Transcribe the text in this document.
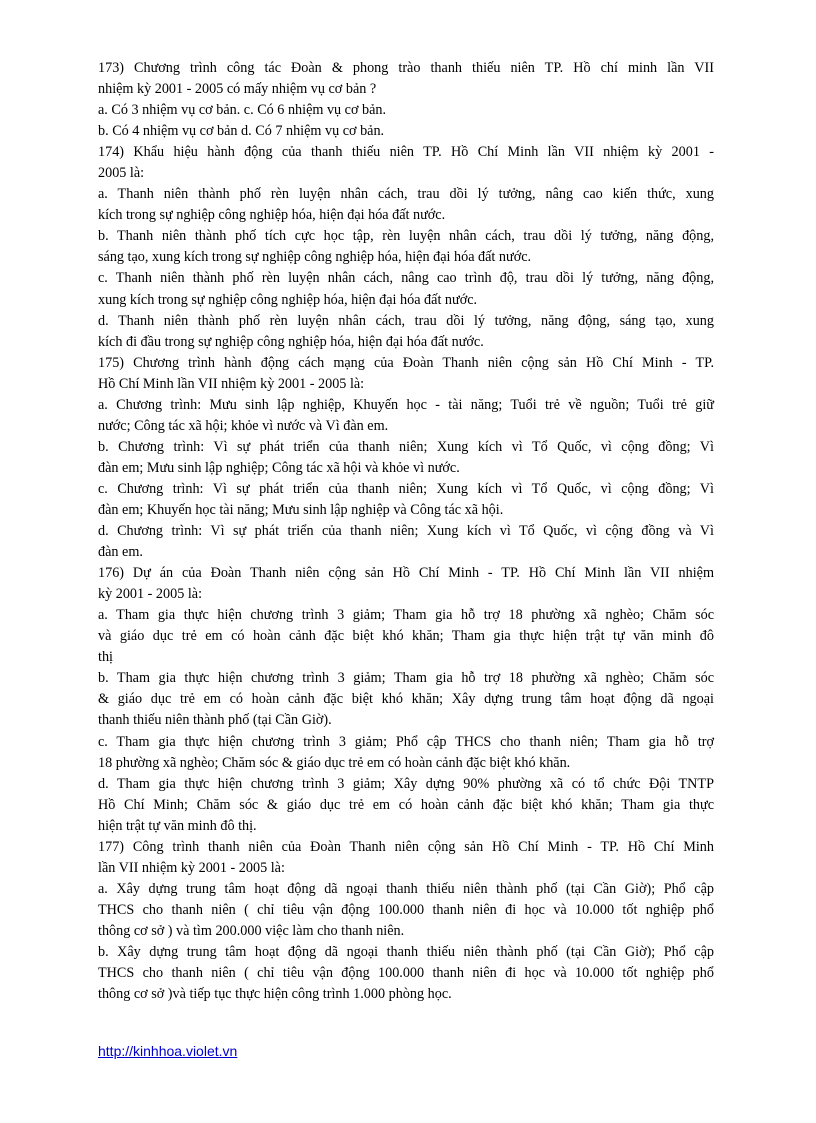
173) Chương trình công tác Đoàn & phong trào thanh thiếu niên TP. Hồ chí minh lần VII
nhiệm kỳ 2001 - 2005 có mấy nhiệm vụ cơ bản ?
a. Có 3 nhiệm vụ cơ bản. c. Có 6 nhiệm vụ cơ bản.
b. Có 4 nhiệm vụ cơ bản d. Có 7 nhiệm vụ cơ bản.
174) Khẩu hiệu hành động của thanh thiếu niên TP. Hồ Chí Minh lần VII nhiệm kỳ 2001 -
2005 là:
a. Thanh niên thành phố rèn luyện nhân cách, trau dồi lý tưởng, nâng cao kiến thức, xung
kích trong sự nghiệp công nghiệp hóa, hiện đại hóa đất nước.
b. Thanh niên thành phố tích cực học tập, rèn luyện nhân cách, trau dồi lý tưởng, năng động,
sáng tạo, xung kích trong sự nghiệp công nghiệp hóa, hiện đại hóa đất nước.
c. Thanh niên thành phố rèn luyện nhân cách, nâng cao trình độ, trau dồi lý tưởng, năng động,
xung kích trong sự nghiệp công nghiệp hóa, hiện đại hóa đất nước.
d. Thanh niên thành phố rèn luyện nhân cách, trau dồi lý tưởng, năng động, sáng tạo, xung
kích đi đầu trong sự nghiệp công nghiệp hóa, hiện đại hóa đất nước.
175) Chương trình hành động cách mạng của Đoàn Thanh niên cộng sản Hồ Chí Minh - TP.
Hồ Chí Minh lần VII nhiệm kỳ 2001 - 2005 là:
a. Chương trình: Mưu sinh lập nghiệp, Khuyến học - tài năng; Tuổi trẻ về nguồn; Tuổi trẻ giữ
nước; Công tác xã hội; khỏe vì nước và Vì đàn em.
b. Chương trình: Vì sự phát triển của thanh niên; Xung kích vì Tổ Quốc, vì cộng đồng; Vì
đàn em; Mưu sinh lập nghiệp; Công tác xã hội và khỏe vì nước.
c. Chương trình: Vì sự phát triển của thanh niên; Xung kích vì Tổ Quốc, vì cộng đồng; Vì
đàn em; Khuyến học tài năng; Mưu sinh lập nghiệp và Công tác xã hội.
d. Chương trình: Vì sự phát triển của thanh niên; Xung kích vì Tổ Quốc, vì cộng đồng và Vì
đàn em.
176) Dự án của Đoàn Thanh niên cộng sản Hồ Chí Minh - TP. Hồ Chí Minh lần VII nhiệm
kỳ 2001 - 2005 là:
a. Tham gia thực hiện chương trình 3 giảm; Tham gia hỗ trợ 18 phường xã nghèo; Chăm sóc
và giáo dục trẻ em có hoàn cảnh đặc biệt khó khăn; Tham gia thực hiện trật tự văn minh đô
thị
b. Tham gia thực hiện chương trình 3 giảm; Tham gia hỗ trợ 18 phường xã nghèo; Chăm sóc
& giáo dục trẻ em có hoàn cảnh đặc biệt khó khăn; Xây dựng trung tâm hoạt động dã ngoại
thanh thiếu niên thành phố (tại Cần Giờ).
c. Tham gia thực hiện chương trình 3 giảm; Phổ cập THCS cho thanh niên; Tham gia hỗ trợ
18 phường xã nghèo; Chăm sóc & giáo dục trẻ em có hoàn cảnh đặc biệt khó khăn.
d. Tham gia thực hiện chương trình 3 giảm; Xây dựng 90% phường xã có tổ chức Đội TNTP
Hồ Chí Minh; Chăm sóc & giáo dục trẻ em có hoàn cảnh đặc biệt khó khăn; Tham gia thực
hiện trật tự văn minh đô thị.
177) Công trình thanh niên của Đoàn Thanh niên cộng sản Hồ Chí Minh - TP. Hồ Chí Minh
lần VII nhiệm kỳ 2001 - 2005 là:
a. Xây dựng trung tâm hoạt động dã ngoại thanh thiếu niên thành phố (tại Cần Giờ); Phổ cập
THCS cho thanh niên ( chỉ tiêu vận động 100.000 thanh niên đi học và 10.000 tốt nghiệp phổ
thông cơ sở ) và tìm 200.000 việc làm cho thanh niên.
b. Xây dựng trung tâm hoạt động dã ngoại thanh thiếu niên thành phố (tại Cần Giờ); Phổ cập
THCS cho thanh niên ( chỉ tiêu vận động 100.000 thanh niên đi học và 10.000 tốt nghiệp phổ
thông cơ sở )và tiếp tục thực hiện công trình 1.000 phòng học.
http://kinhhoa.violet.vn
